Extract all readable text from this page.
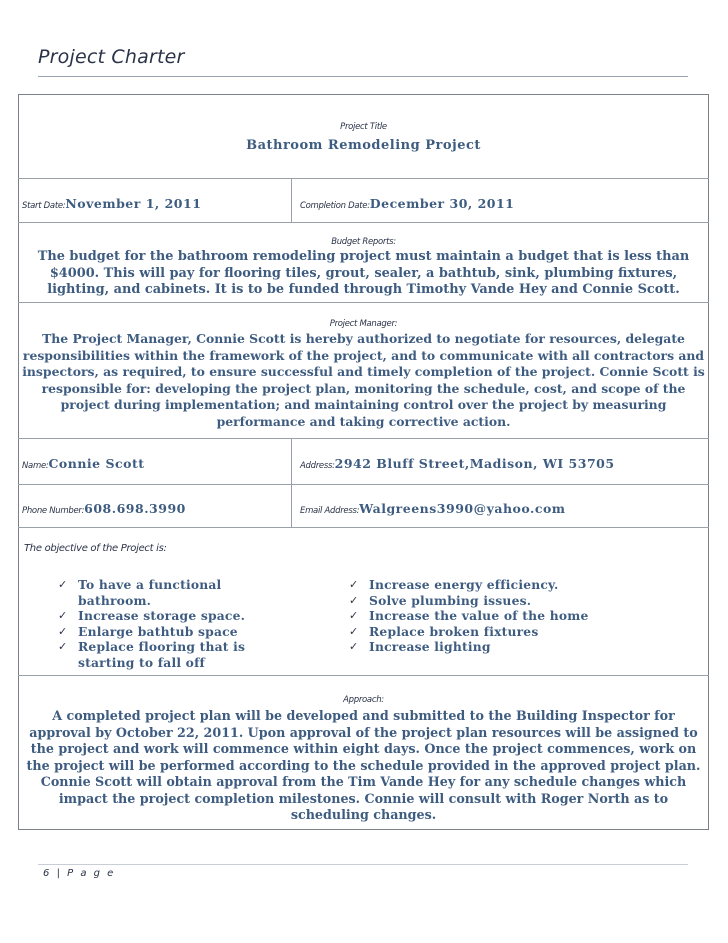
Project Charter
Project Title
Bathroom Remodeling Project
Start Date:November 1, 2011	Completion Date:December 30, 2011
Budget Reports:
The budget for the bathroom remodeling project must maintain a budget that is less than $4000. This will pay for flooring tiles, grout, sealer, a bathtub, sink, plumbing fixtures, lighting, and cabinets. It is to be funded through Timothy Vande Hey and Connie Scott.
Project Manager:
The Project Manager, Connie Scott is hereby authorized to negotiate for resources, delegate responsibilities within the framework of the project, and to communicate with all contractors and inspectors, as required, to ensure successful and timely completion of the project. Connie Scott is responsible for: developing the project plan, monitoring the schedule, cost, and scope of the project during implementation; and maintaining control over the project by measuring performance and taking corrective action.
Name:Connie Scott	Address:2942 Bluff Street,Madison, WI 53705
Phone Number:608.698.3990	Email Address:Walgreens3990@yahoo.com
The objective of the Project is:
✓ To have a functional bathroom.
✓ Increase storage space.
✓ Enlarge bathtub space
✓ Replace flooring that is starting to fall off
✓ Increase energy efficiency.
✓ Solve plumbing issues.
✓ Increase the value of the home
✓ Replace broken fixtures
✓ Increase lighting
Approach:
A completed project plan will be developed and submitted to the Building Inspector for approval by October 22, 2011. Upon approval of the project plan resources will be assigned to the project and work will commence within eight days. Once the project commences, work on the project will be performed according to the schedule provided in the approved project plan. Connie Scott will obtain approval from the Tim Vande Hey for any schedule changes which impact the project completion milestones. Connie will consult with Roger North as to scheduling changes.
6 | P a g e
